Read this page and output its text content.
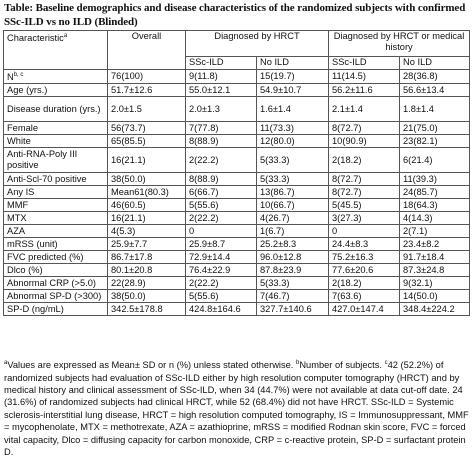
Table: Baseline demographics and disease characteristics of the randomized subjects with confirmed SSc-ILD vs no ILD (Blinded)
Characteristic$^a$	Overall	Diagnosed by HRCT		Diagnosed by HRCT or medical history	
		SSc-ILD	No ILD	SSc-ILD	No ILD
N$^{b, c}$	76(100)	9(11.8)	15(19.7)	11(14.5)	28(36.8)
Age (yrs.)	51.7±12.6	55.0±12.1	54.9±10.7	56.2±11.6	56.6±13.4
Disease duration (yrs.)	2.0±1.5	2.0±1.3	1.6±1.4	2.1±1.4	1.8±1.4
Female	56(73.7)	7(77.8)	11(73.3)	8(72.7)	21(75.0)
White	65(85.5)	8(88.9)	12(80.0)	10(90.9)	23(82.1)
Anti-RNA-Poly III positive	16(21.1)	2(22.2)	5(33.3)	2(18.2)	6(21.4)
Anti-Scl-70 positive	38(50.0)	8(88.9)	5(33.3)	8(72.7)	11(39.3)
Any IS	Mean61(80.3)	6(66.7)	13(86.7)	8(72.7)	24(85.7)
MMF	46(60.5)	5(55.6)	10(66.7)	5(45.5)	18(64.3)
MTX	16(21.1)	2(22.2)	4(26.7)	3(27.3)	4(14.3)
AZA	4(5.3)	0	1(6.7)	0	2(7.1)
mRSS (unit)	25.9±7.7	25.9±8.7	25.2±8.3	24.4±8.3	23.4±8.2
FVC predicted (%)	86.7±17.8	72.9±14.4	96.0±12.8	75.2±16.3	91.7±18.4
Dlco (%)	80.1±20.8	76.4±22.9	87.8±23.9	77.6±20.6	87.3±24.8
Abnormal CRP (>5.0)	22(28.9)	2(22.2)	5(33.3)	2(18.2)	9(32.1)
Abnormal SP-D (>300)	38(50.0)	5(55.6)	7(46.7)	7(63.6)	14(50.0)
SP-D (ng/mL)	342.5±178.8	424.8±164.6	327.7±140.6	427.0±147.4	348.4±224.2

$^a$Values are expressed as Mean± SD or n (%) unless stated otherwise. $^b$Number of subjects. $^c$42 (52.2%) of randomized subjects had evaluation of SSc-ILD either by high resolution computer tomography (HRCT) and by medical history and clinical assessment of SSc-ILD, when 34 (44.7%) were not available at data cut-off date. 24 (31.6%) of randomized subjects had clinical HRCT, while 52 (68.4%) did not have HRCT. SSc-ILD = Systemic sclerosis-interstitial lung disease, HRCT = high resolution computed tomography, IS = Immunosuppressant, MMF = mycophenolate, MTX = methotrexate, AZA = azathioprine, mRSS = modified Rodnan skin score, FVC = forced vital capacity, Dlco = diffusing capacity for carbon monoxide, CRP = c-reactive protein, SP-D = surfactant protein D.
